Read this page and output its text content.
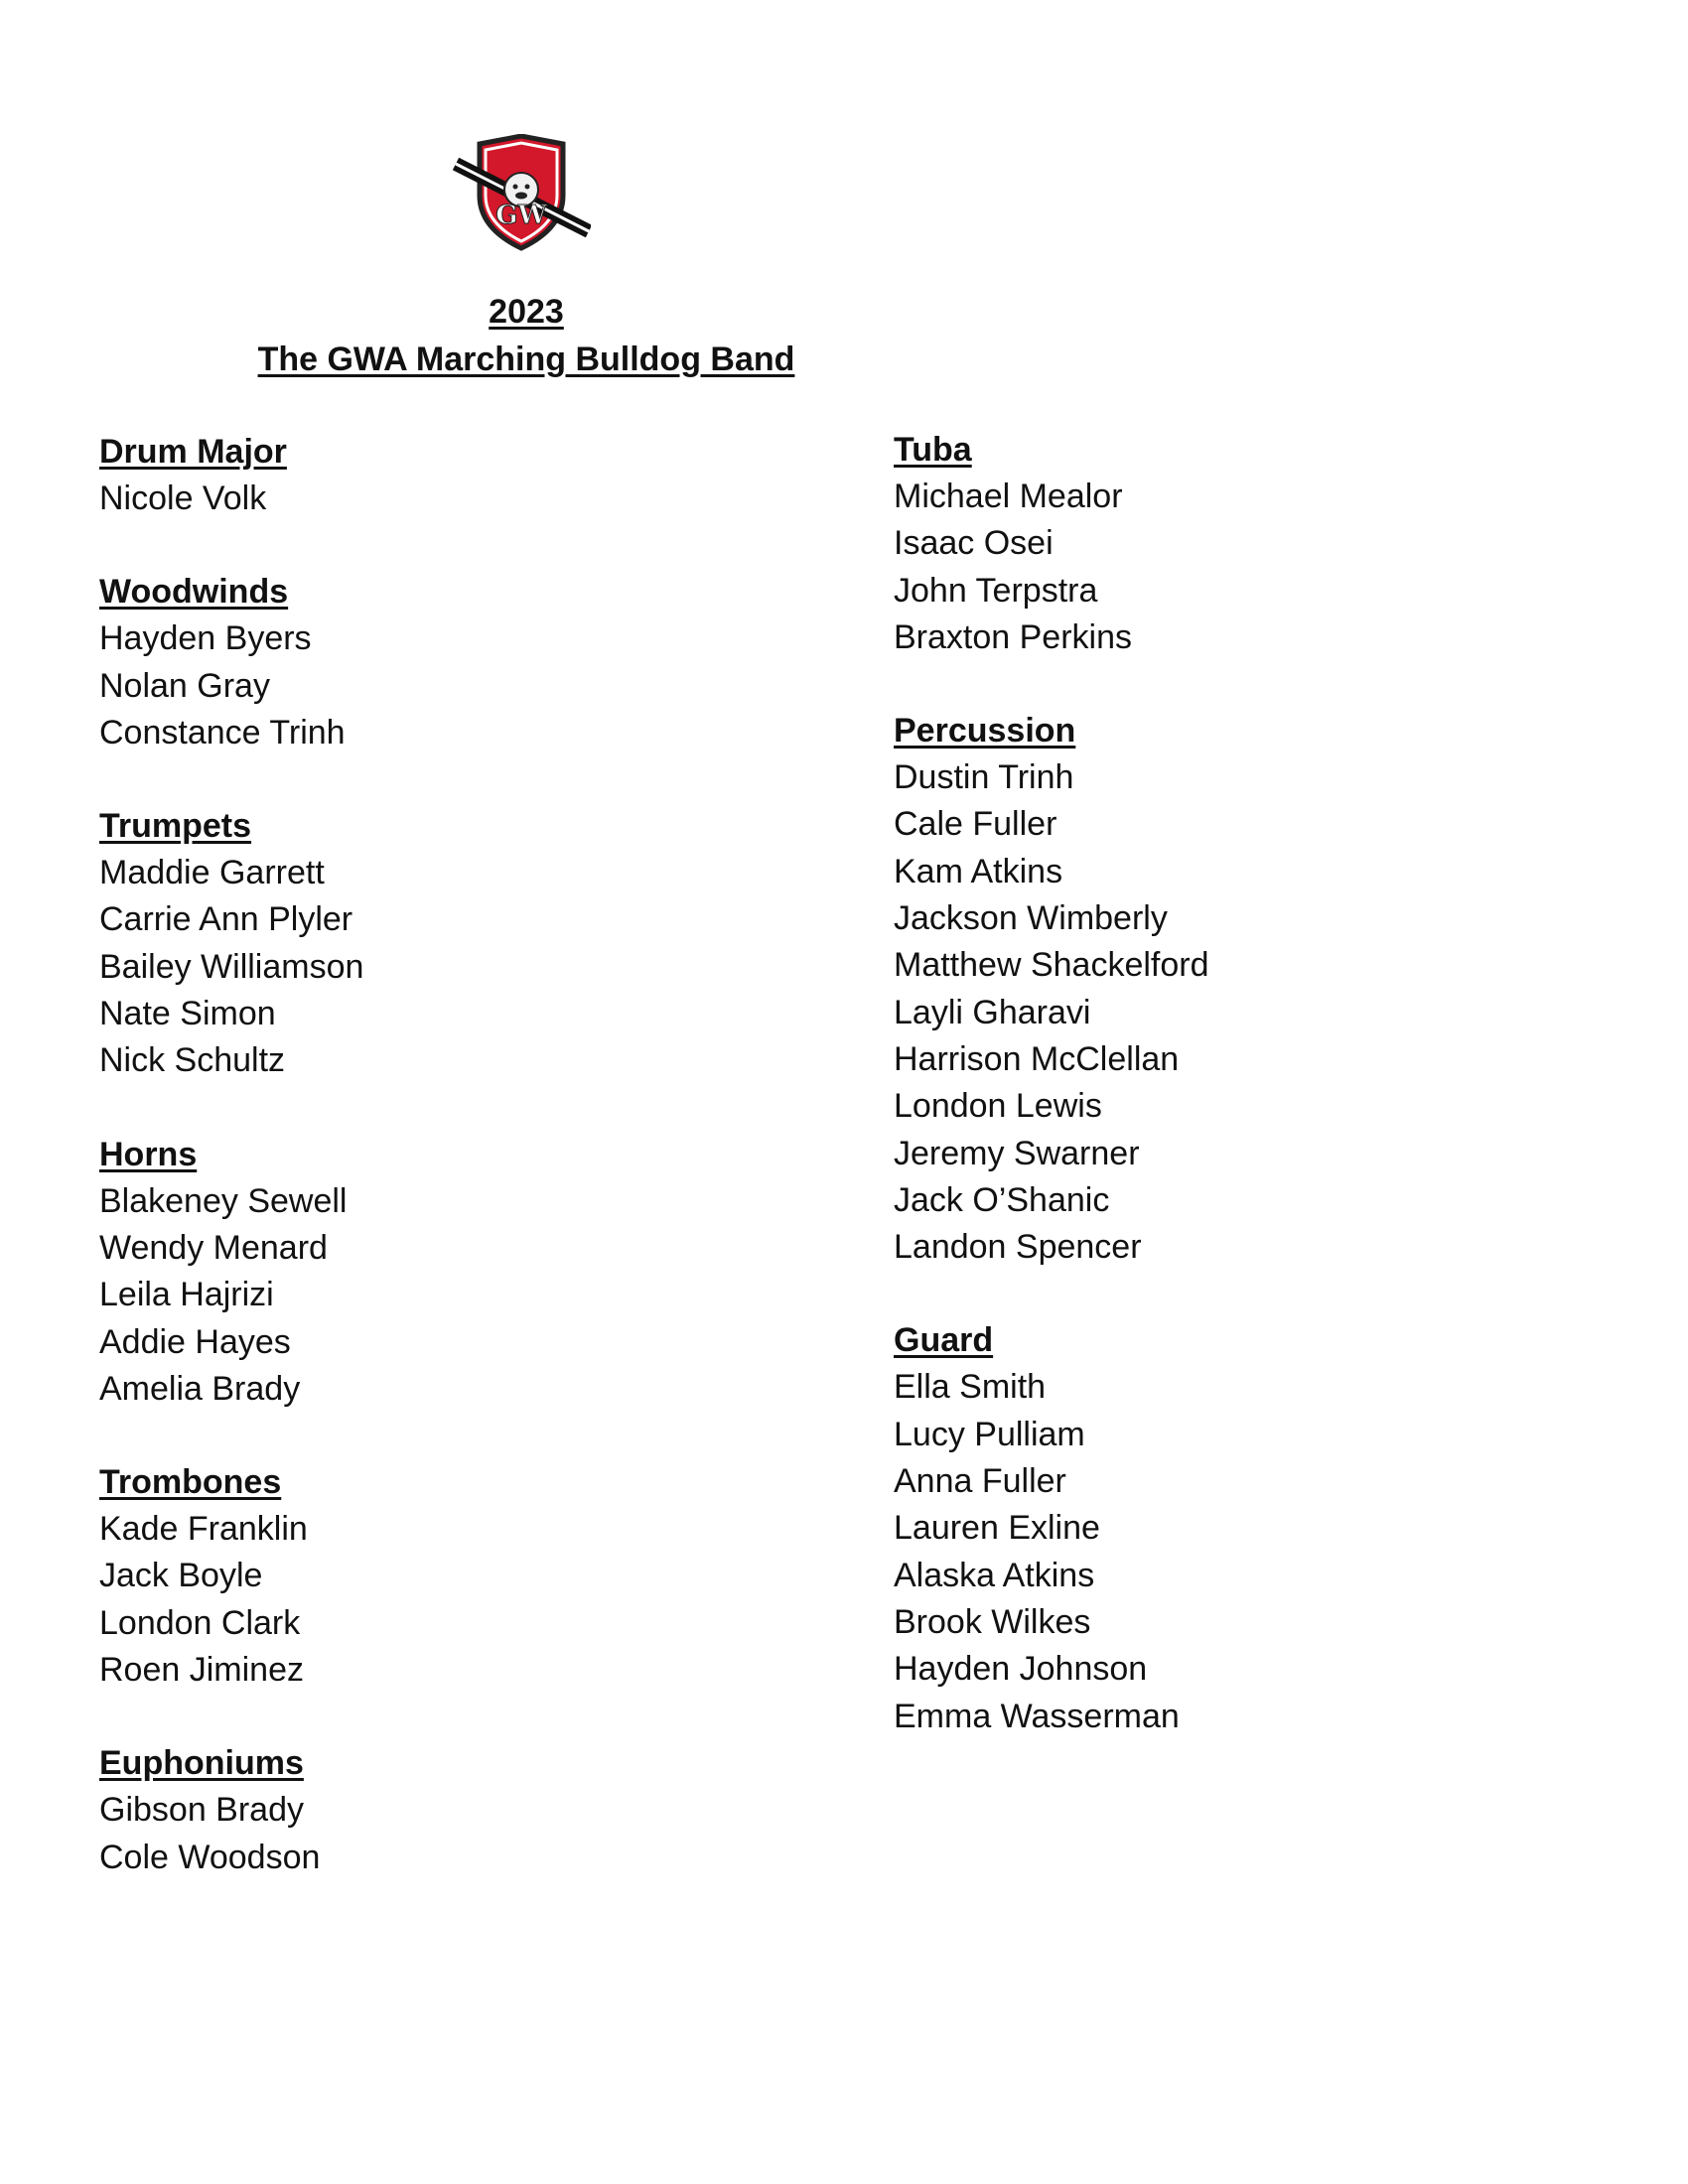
GW
2023
The GWA Marching Bulldog Band
Drum Major
Nicole Volk
Woodwinds
Hayden Byers
Nolan Gray
Constance Trinh
Trumpets
Maddie Garrett
Carrie Ann Plyler
Bailey Williamson
Nate Simon
Nick Schultz
Horns
Blakeney Sewell
Wendy Menard
Leila Hajrizi
Addie Hayes
Amelia Brady
Trombones
Kade Franklin
Jack Boyle
London Clark
Roen Jiminez
Euphoniums
Gibson Brady
Cole Woodson
Tuba
Michael Mealor
Isaac Osei
John Terpstra
Braxton Perkins
Percussion
Dustin Trinh
Cale Fuller
Kam Atkins
Jackson Wimberly
Matthew Shackelford
Layli Gharavi
Harrison McClellan
London Lewis
Jeremy Swarner
Jack O’Shanic
Landon Spencer
Guard
Ella Smith
Lucy Pulliam
Anna Fuller
Lauren Exline
Alaska Atkins
Brook Wilkes
Hayden Johnson
Emma Wasserman
